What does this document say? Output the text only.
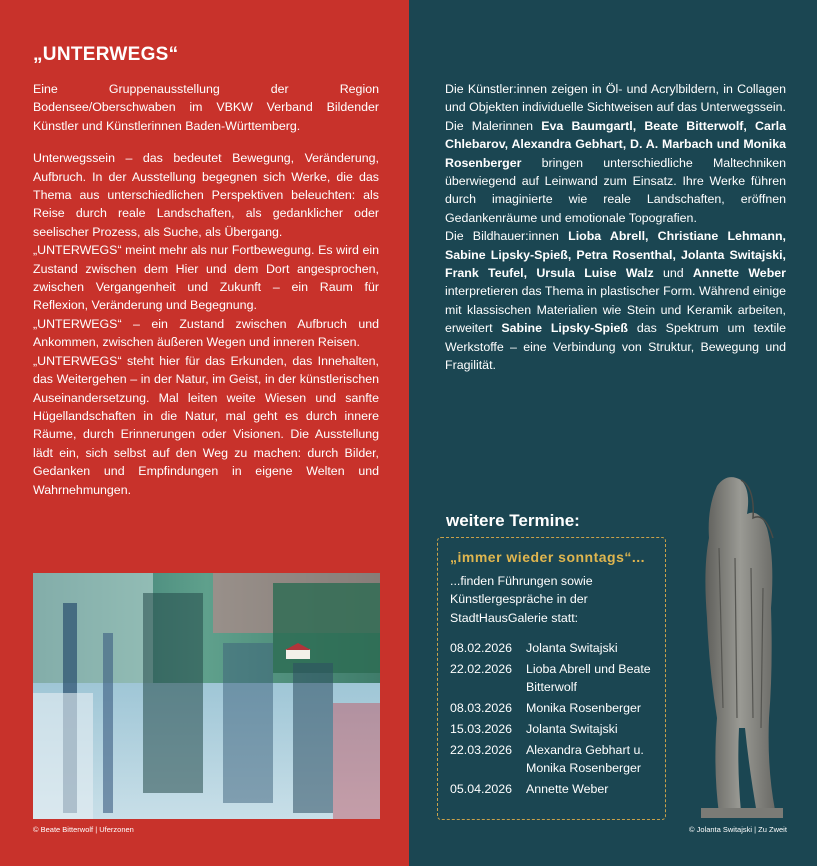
„UNTERWEGS“

Eine Gruppenausstellung der Region Bodensee/Oberschwaben im VBKW Verband Bildender Künstler und Künstlerinnen Baden-Württemberg.

Unterwegssein – das bedeutet Bewegung, Veränderung, Aufbruch. In der Ausstellung begegnen sich Werke, die das Thema aus unterschiedlichen Perspektiven beleuchten: als Reise durch reale Landschaften, als gedanklicher oder seelischer Prozess, als Suche, als Übergang.

„UNTERWEGS“ meint mehr als nur Fortbewegung. Es wird ein Zustand zwischen dem Hier und dem Dort angesprochen, zwischen Vergangenheit und Zukunft – ein Raum für Reflexion, Veränderung und Begegnung.

„UNTERWEGS“ – ein Zustand zwischen Aufbruch und Ankommen, zwischen äußeren Wegen und inneren Reisen.

„UNTERWEGS“ steht hier für das Erkunden, das Innehalten, das Weitergehen – in der Natur, im Geist, in der künstlerischen Auseinandersetzung. Mal leiten weite Wiesen und sanfte Hügellandschaften in die Natur, mal geht es durch innere Räume, durch Erinnerungen oder Visionen. Die Ausstellung lädt ein, sich selbst auf den Weg zu machen: durch Bilder, Gedanken und Empfindungen in eigene Welten und Wahrnehmungen.

© Beate Bitterwolf | Uferzonen

Die Künstler:innen zeigen in Öl- und Acrylbildern, in Collagen und Objekten individuelle Sichtweisen auf das Unterwegssein.

Die Malerinnen Eva Baumgartl, Beate Bitterwolf, Carla Chlebarov, Alexandra Gebhart, D. A. Marbach und Monika Rosenberger bringen unterschiedliche Maltechniken überwiegend auf Leinwand zum Einsatz. Ihre Werke führen durch imaginierte wie reale Landschaften, eröffnen Gedankenräume und emotionale Topografien.

Die Bildhauer:innen Lioba Abrell, Christiane Lehmann, Sabine Lipsky-Spieß, Petra Rosenthal, Jolanta Switajski, Frank Teufel, Ursula Luise Walz und Annette Weber interpretieren das Thema in plastischer Form. Während einige mit klassischen Materialien wie Stein und Keramik arbeiten, erweitert Sabine Lipsky-Spieß das Spektrum um textile Werkstoffe – eine Verbindung von Struktur, Bewegung und Fragilität.

weitere Termine:
„immer wieder sonntags“...
...finden Führungen sowie Künstlergespräche in der StadtHausGalerie statt:
08.02.2026	Jolanta Switajski
22.02.2026	Lioba Abrell und Beate Bitterwolf
08.03.2026	Monika Rosenberger
15.03.2026	Jolanta Switajski
22.03.2026	Alexandra Gebhart u. Monika Rosenberger
05.04.2026	Annette Weber
© Jolanta Switajski | Zu Zweit
